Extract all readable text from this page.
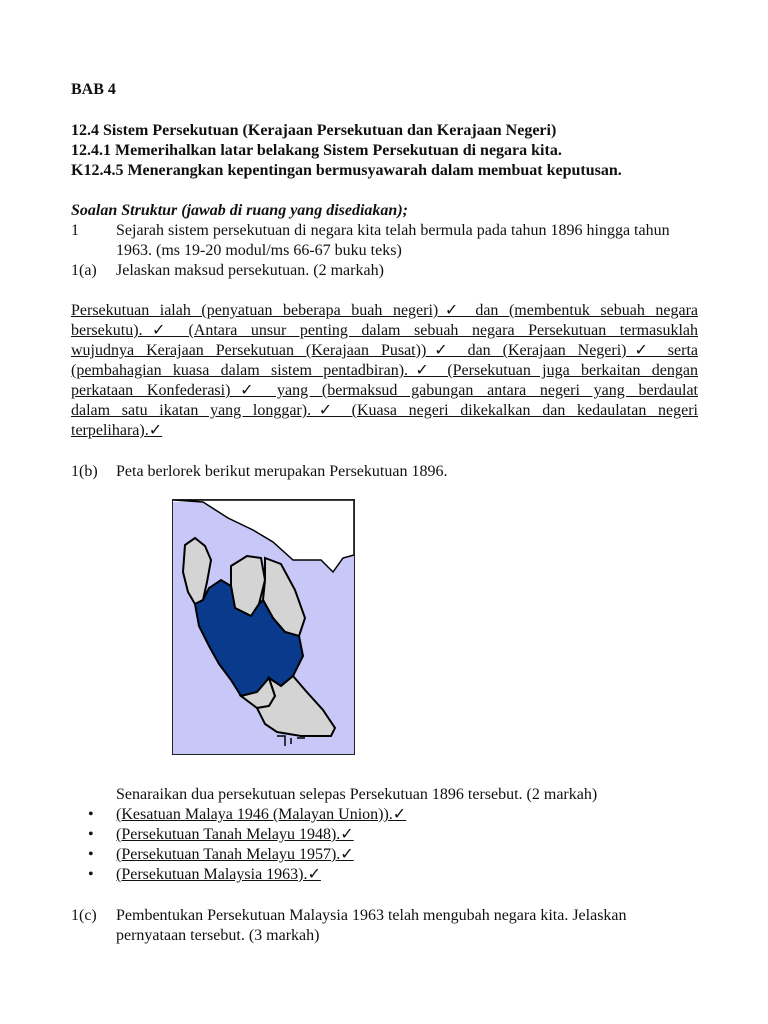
BAB 4
12.4 Sistem Persekutuan (Kerajaan Persekutuan dan Kerajaan Negeri)
12.4.1 Memerihalkan latar belakang Sistem Persekutuan di negara kita.
K12.4.5 Menerangkan kepentingan bermusyawarah dalam membuat keputusan.
Soalan Struktur (jawab di ruang yang disediakan);
1	Sejarah sistem persekutuan di negara kita telah bermula pada tahun 1896 hingga tahun 1963. (ms 19-20 modul/ms 66-67 buku teks)
1(a)	Jelaskan maksud persekutuan. (2 markah)
Persekutuan ialah (penyatuan beberapa buah negeri)✓ dan (membentuk sebuah negara
bersekutu).✓ (Antara unsur penting dalam sebuah negara Persekutuan termasuklah
wujudnya Kerajaan Persekutuan (Kerajaan Pusat))✓ dan (Kerajaan Negeri)✓ serta
(pembahagian kuasa dalam sistem pentadbiran).✓ (Persekutuan juga berkaitan dengan
perkataan Konfederasi)✓ yang (bermaksud gabungan antara negeri yang berdaulat
dalam satu ikatan yang longgar).✓ (Kuasa negeri dikekalkan dan kedaulatan negeri
terpelihara).✓
1(b)	Peta berlorek berikut merupakan Persekutuan 1896.
Senaraikan dua persekutuan selepas Persekutuan 1896 tersebut. (2 markah)
•	(Kesatuan Malaya 1946 (Malayan Union)).✓
•	(Persekutuan Tanah Melayu 1948).✓
•	(Persekutuan Tanah Melayu 1957).✓
•	(Persekutuan Malaysia 1963).✓
1(c)	Pembentukan Persekutuan Malaysia 1963 telah mengubah negara kita. Jelaskan pernyataan tersebut. (3 markah)
